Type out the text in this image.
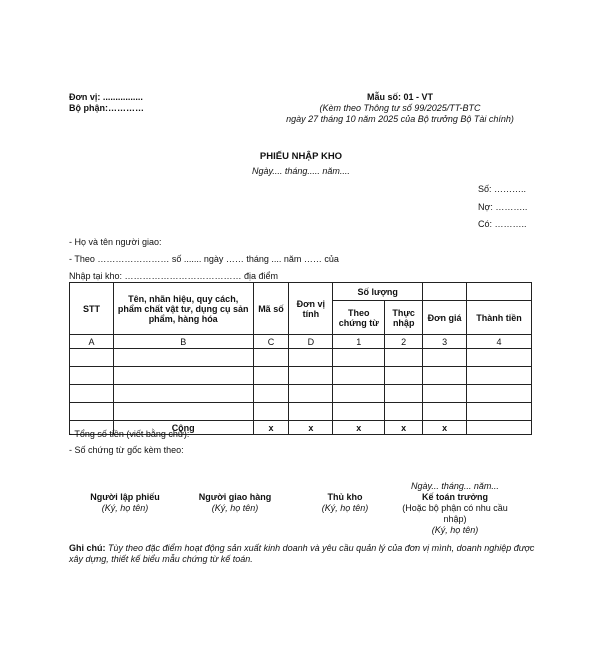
Đơn vị: ................
Bộ phận:…………
Mẫu số: 01 - VT
(Kèm theo Thông tư số 99/2025/TT-BTC
ngày 27 tháng 10 năm 2025 của Bộ trưởng Bộ Tài chính)
PHIẾU NHẬP KHO
Ngày.... tháng..... năm....
Số: ………..
Nợ: ………..
Có: ………..
- Họ và tên người giao:
- Theo …………………… số ....... ngày …… tháng .... năm …… của
Nhập tại kho: ………………………………… địa điểm
STT	Tên, nhãn hiệu, quy cách, phẩm chất vật tư, dụng cụ sản phẩm, hàng hóa	Mã số	Đơn vị tính	Số lượng			
				Theo chứng từ	Thực nhập	Đơn giá	Thành tiền
A	B	C	D	1	2	3	4

	Cộng	x	x	x	x	x	
- Tổng số tiền (viết bằng chữ):
- Số chứng từ gốc kèm theo:
Ngày... tháng... năm...
Người lập phiếu
(Ký, họ tên)
Người giao hàng
(Ký, họ tên)
Thủ kho
(Ký, họ tên)
Kế toán trưởng
(Hoặc bộ phận có nhu cầu nhập)
(Ký, họ tên)
Ghi chú: Tùy theo đặc điểm hoạt động sản xuất kinh doanh và yêu cầu quản lý của đơn vị mình, doanh nghiệp được xây dựng, thiết kế biểu mẫu chứng từ kế toán.
